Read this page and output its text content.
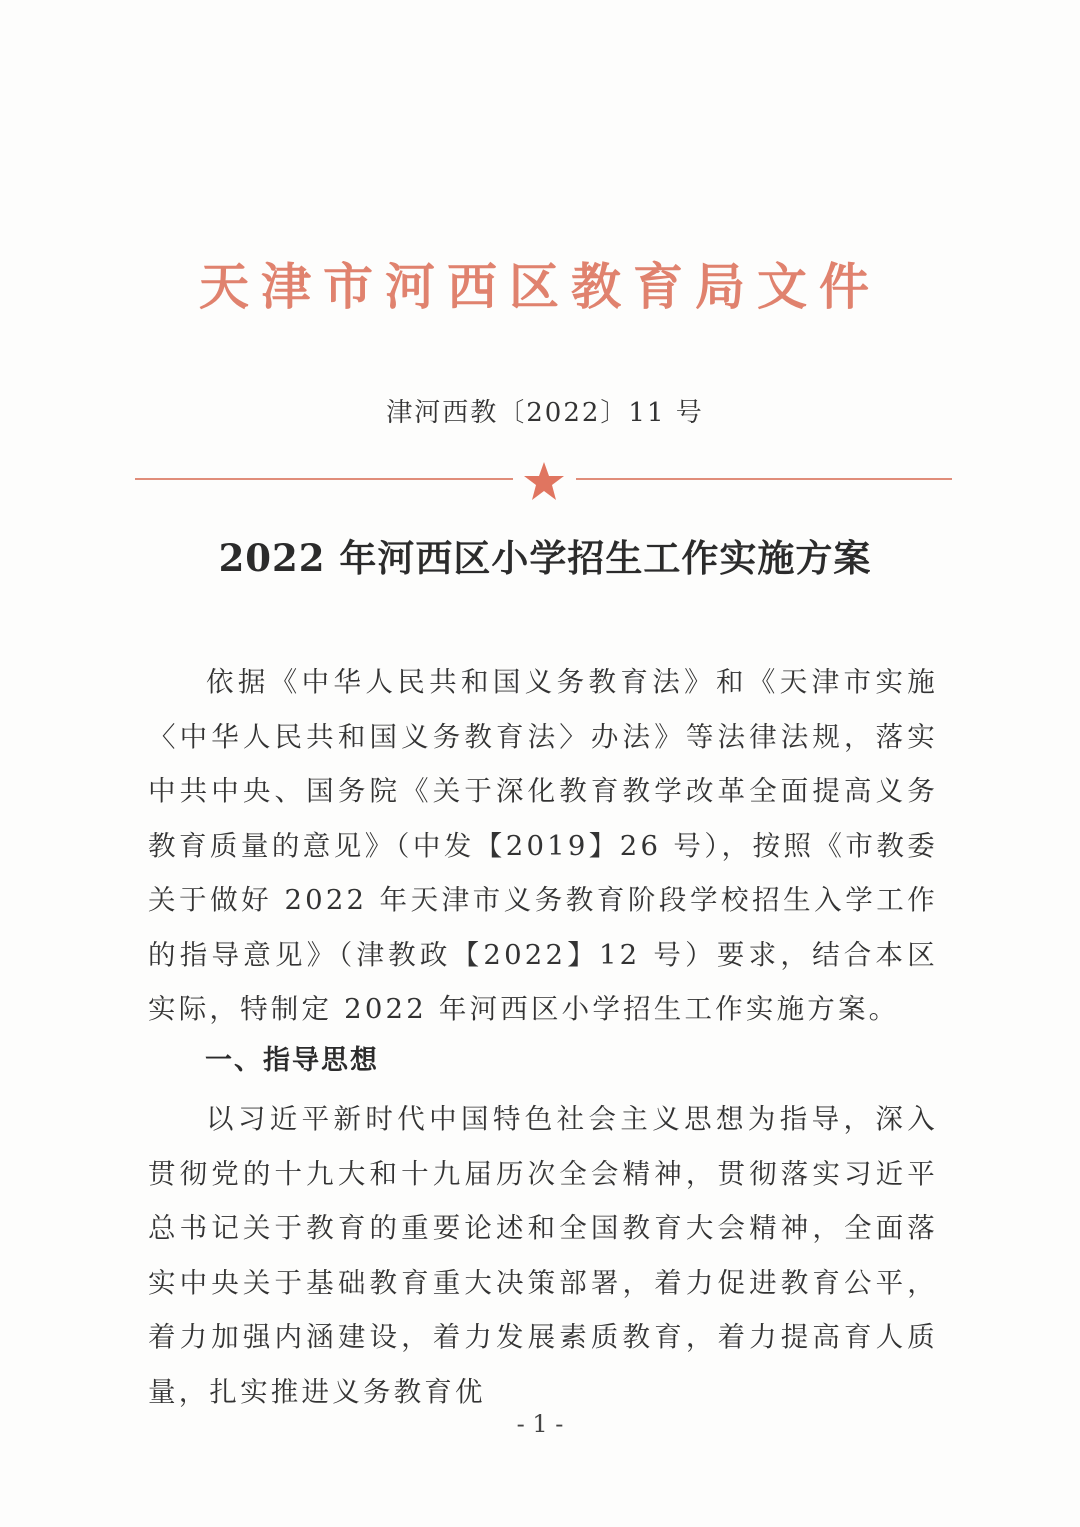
天津市河西区教育局文件
津河西教〔2022〕11 号
2022 年河西区小学招生工作实施方案

依据《中华人民共和国义务教育法》和《天津市实施〈中华人民共和国义务教育法〉办法》等法律法规，落实中共中央、国务院《关于深化教育教学改革全面提高义务教育质量的意见》（中发【2019】26 号），按照《市教委关于做好 2022 年天津市义务教育阶段学校招生入学工作的指导意见》（津教政【2022】12 号）要求，结合本区实际，特制定 2022 年河西区小学招生工作实施方案。

一、指导思想

以习近平新时代中国特色社会主义思想为指导，深入贯彻党的十九大和十九届历次全会精神，贯彻落实习近平总书记关于教育的重要论述和全国教育大会精神，全面落实中央关于基础教育重大决策部署，着力促进教育公平，着力加强内涵建设，着力发展素质教育，着力提高育人质量，扎实推进义务教育优

- 1 -
